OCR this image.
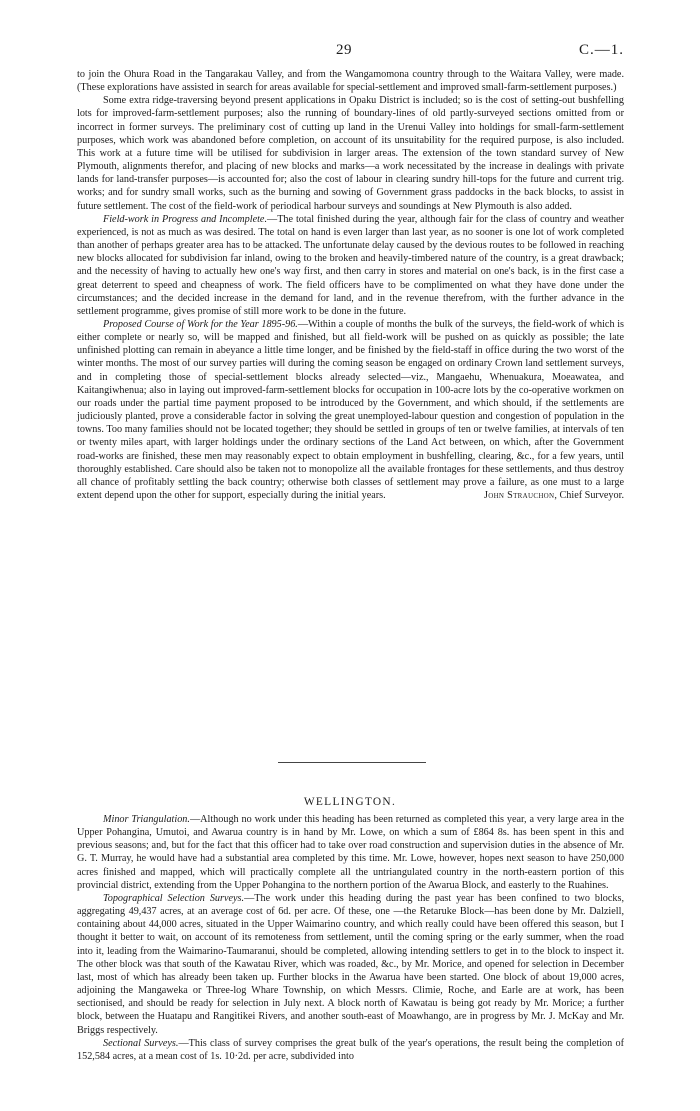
29	C.—1.

to join the Ohura Road in the Tangarakau Valley, and from the Wangamomona country through to the Waitara Valley, were made. (These explorations have assisted in search for areas available for special-settlement and improved small-farm-settlement purposes.)

Some extra ridge-traversing beyond present applications in Opaku District is included; so is the cost of setting-out bushfelling lots for improved-farm-settlement purposes; also the running of boundary-lines of old partly-surveyed sections omitted from or incorrect in former surveys. The preliminary cost of cutting up land in the Urenui Valley into holdings for small-farm-settlement purposes, which work was abandoned before completion, on account of its unsuitability for the required purpose, is also included. This work at a future time will be utilised for subdivision in larger areas. The extension of the town standard survey of New Plymouth, alignments therefor, and placing of new blocks and marks—a work necessitated by the increase in dealings with private lands for land-transfer purposes—is accounted for; also the cost of labour in clearing sundry hill-tops for the future and current trig. works; and for sundry small works, such as the burning and sowing of Government grass paddocks in the back blocks, to assist in future settlement. The cost of the field-work of periodical harbour surveys and soundings at New Plymouth is also added.

Field-work in Progress and Incomplete.—The total finished during the year, although fair for the class of country and weather experienced, is not as much as was desired. The total on hand is even larger than last year, as no sooner is one lot of work completed than another of perhaps greater area has to be attacked. The unfortunate delay caused by the devious routes to be followed in reaching new blocks allocated for subdivision far inland, owing to the broken and heavily-timbered nature of the country, is a great drawback; and the necessity of having to actually hew one's way first, and then carry in stores and material on one's back, is in the first case a great deterrent to speed and cheapness of work. The field officers have to be complimented on what they have done under the circumstances; and the decided increase in the demand for land, and in the revenue therefrom, with the further advance in the settlement programme, gives promise of still more work to be done in the future.

Proposed Course of Work for the Year 1895-96.—Within a couple of months the bulk of the surveys, the field-work of which is either complete or nearly so, will be mapped and finished, but all field-work will be pushed on as quickly as possible; the late unfinished plotting can remain in abeyance a little time longer, and be finished by the field-staff in office during the two worst of the winter months. The most of our survey parties will during the coming season be engaged on ordinary Crown land settlement surveys, and in completing those of special-settlement blocks already selected—viz., Mangaehu, Whenuakura, Moeawatea, and Kaitangiwhenua; also in laying out improved-farm-settlement blocks for occupation in 100-acre lots by the co-operative workmen on our roads under the partial time payment proposed to be introduced by the Government, and which should, if the settlements are judiciously planted, prove a considerable factor in solving the great unemployed-labour question and congestion of population in the towns. Too many families should not be located together; they should be settled in groups of ten or twelve families, at intervals of ten or twenty miles apart, with larger holdings under the ordinary sections of the Land Act between, on which, after the Government road-works are finished, these men may reasonably expect to obtain employment in bushfelling, clearing, &c., for a few years, until thoroughly established. Care should also be taken not to monopolize all the available frontages for these settlements, and thus destroy all chance of profitably settling the back country; otherwise both classes of settlement may prove a failure, as one must to a large extent depend upon the other for support, especially during the initial years.	John Strauchon, Chief Surveyor.

WELLINGTON.

Minor Triangulation.—Although no work under this heading has been returned as completed this year, a very large area in the Upper Pohangina, Umutoi, and Awarua country is in hand by Mr. Lowe, on which a sum of £864 8s. has been spent in this and previous seasons; and, but for the fact that this officer had to take over road construction and supervision duties in the absence of Mr. G. T. Murray, he would have had a substantial area completed by this time. Mr. Lowe, however, hopes next season to have 250,000 acres finished and mapped, which will practically complete all the untriangulated country in the north-eastern portion of this provincial district, extending from the Upper Pohangina to the northern portion of the Awarua Block, and easterly to the Ruahines.

Topographical Selection Surveys.—The work under this heading during the past year has been confined to two blocks, aggregating 49,437 acres, at an average cost of 6d. per acre. Of these, one —the Retaruke Block—has been done by Mr. Dalziell, containing about 44,000 acres, situated in the Upper Waimarino country, and which really could have been offered this season, but I thought it better to wait, on account of its remoteness from settlement, until the coming spring or the early summer, when the road into it, leading from the Waimarino-Taumaranui, should be completed, allowing intending settlers to get in to the block to inspect it. The other block was that south of the Kawatau River, which was roaded, &c., by Mr. Morice, and opened for selection in December last, most of which has already been taken up. Further blocks in the Awarua have been started. One block of about 19,000 acres, adjoining the Mangaweka or Three-log Whare Township, on which Messrs. Climie, Roche, and Earle are at work, has been sectionised, and should be ready for selection in July next. A block north of Kawatau is being got ready by Mr. Morice; a further block, between the Huatapu and Rangitikei Rivers, and another south-east of Moawhango, are in progress by Mr. J. McKay and Mr. Briggs respectively.

Sectional Surveys.—This class of survey comprises the great bulk of the year's operations, the result being the completion of 152,584 acres, at a mean cost of 1s. 10·2d. per acre, subdivided into
